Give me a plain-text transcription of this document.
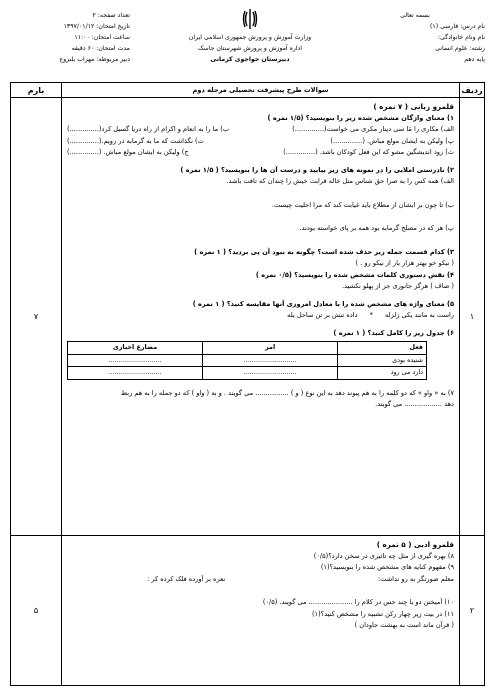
بسمه تعالی
نام درس: فارسی (۱)
نام ونام خانوادگی:
رشته: علوم انسانی
پایه دهم
وزارت آموزش و پرورش جمهوری اسلامی ایران
اداره آموزش و پرورش شهرستان جاسک
دبیرستان خواجوی کرمانی
تعداد صفحه: ۲
تاریخ امتحان: ۱۳۹۷/۰۱/۱۲
ساعت امتحان: ۱۱:۰۰
مدت امتحان: ۶۰ دقیقه
دبیر مربوطه: مهراب بلنروج
ردیف	سوالات طرح پیشرفت تحصیلی مرحله دوم	بارم
۱	
قلمرو زبانی ( ۷ نمره )
۱) معنای واژگان مشخص شده زیر را بنویسید؟ (۱/۵ نمره )
الف) مکاری را مَا سی دینار مکری می خواست(..............)
ب) ما را به انعام و اکرام از راه دریا گسیل کرد(..............)
پ) ولیکن به ایشان مولع مباش. (..............)
ت) نگذاشت که ما به گرمابه در رویم.(..............)
ث) زود انديشگين مشو كه اين فعل كودكان باشد. (..............)
ج) ولیکن به ایشان مولع مباش. (..............)
۲) نادرستی املایی را در نمونه های زیر بیابید و درست آن ها را بنویسید؟ ( ۱/۵ نمره )
الف) همه کس را به صرا حق شناس مثل خاله قرابت خیش را چندان که تافت باشد.
ب) تا چون بر ایشان از مطلاع باید غیابت کند که مرا احلیت چیست.
پ) هر که در مصلح گرمابه بود همه بر پای خواسته بودند.
۳) کدام قسمت جمله زیر حذف شده است؟ چگونه به نبود آن پی بردید؟ ( ۱ نمره )
( نیکو خو بهتر هزار بار از نیکو رو . )
۴) نقش دستوری کلمات مشخص شده را بنویسید؟ (۰/۵ نمره )
( صاف ) هرگز جانوری جز از پهلو نکشید.
۵) معنای واژه های مشخص شده را با معادل امروزی آنها مقایسه کنید؟ ( ۱ نمره )
راست به مانند یکی زلزله * داده تنش بر تن ساحل یله
۶) جدول زیر را کامل کنید؟ ( ۱ نمره )
فعل	امر	مضارع اخباری
شنیده بودی	..........................	..........................
دارد می رود	..........................	..........................
۷) به « واو » که دو کلمه را به هم پیوند دهد به این نوع ( و ) ................ می گویند . و به ( واو ) که دو جمله را به هم ربط
دهد .................. می گویند.
	۷
۲	
قلمرو ادبی ( ۵ نمره )
۸) بهره گیری از مثل چه تاثیری در سخن دارد؟(۰/۵)
۹) مفهوم کنایه های مشخص شده را بنویسید؟(۱)
معلم صورتگر به رو نداشت:
نعره بر آورده فلک کرده کر :
۱۰) آمیختن دو یا چند حس در کلام را ..................... می گویند. (۰/۵)
۱۱) در بیت زیر چهار رکن تشبیه را مشخص کنید؟(۱)
( قرآن ماند است به بهشت جاودان )
	۵
